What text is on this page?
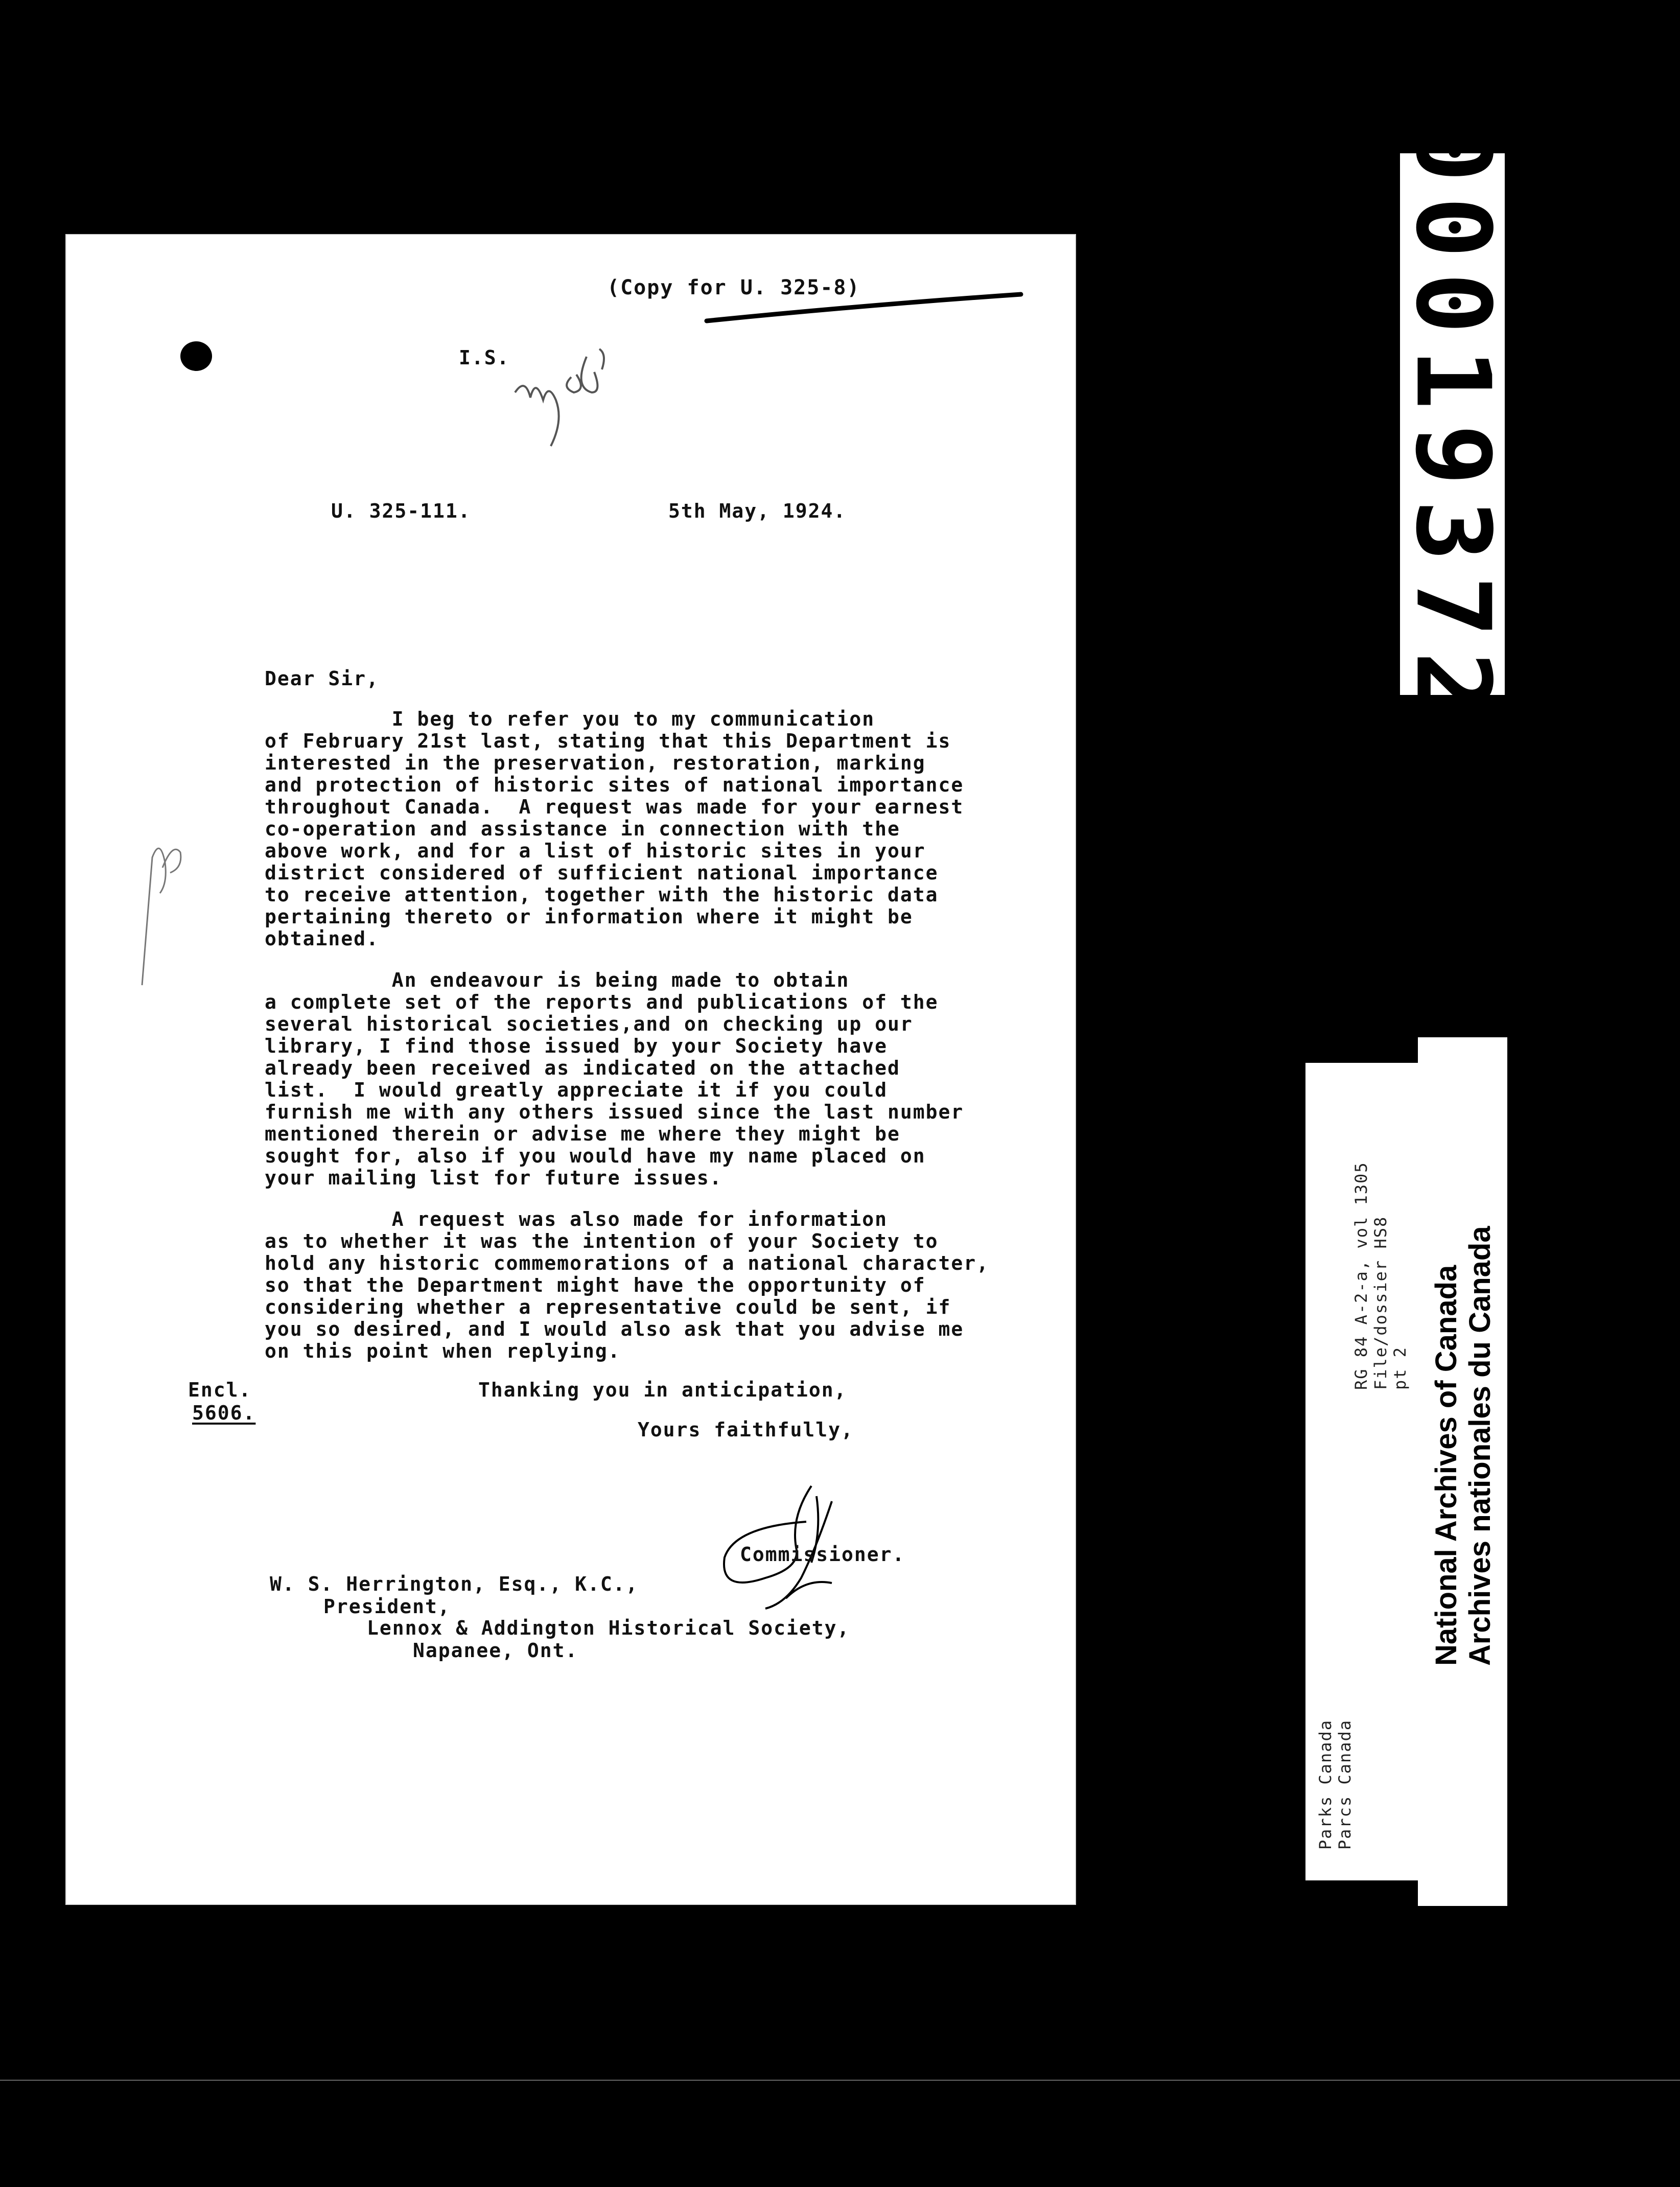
(Copy for U. 325-8)
I.S.
U. 325-111.	5th May, 1924.
Dear Sir,
I beg to refer you to my communication
of February 21st last, stating that this Department is
interested in the preservation, restoration, marking
and protection of historic sites of national importance
throughout Canada.  A request was made for your earnest
co-operation and assistance in connection with the
above work, and for a list of historic sites in your
district considered of sufficient national importance
to receive attention, together with the historic data
pertaining thereto or information where it might be
obtained.
An endeavour is being made to obtain
a complete set of the reports and publications of the
several historical societies,and on checking up our
library, I find those issued by your Society have
already been received as indicated on the attached
list.  I would greatly appreciate it if you could
furnish me with any others issued since the last number
mentioned therein or advise me where they might be
sought for, also if you would have my name placed on
your mailing list for future issues.
A request was also made for information
as to whether it was the intention of your Society to
hold any historic commemorations of a national character,
so that the Department might have the opportunity of
considering whether a representative could be sent, if
you so desired, and I would also ask that you advise me
on this point when replying.
Encl.
5606.
Thanking you in anticipation,
Yours faithfully,
Commissioner.
W. S. Herrington, Esq., K.C.,
President,
Lennox & Addington Historical Society,
Napanee, Ont.
00019372
RG 84 A-2-a, vol 1305 File/dossier HS8 pt 2
Parks Canada Parcs Canada
National Archives of Canada Archives nationales du Canada
